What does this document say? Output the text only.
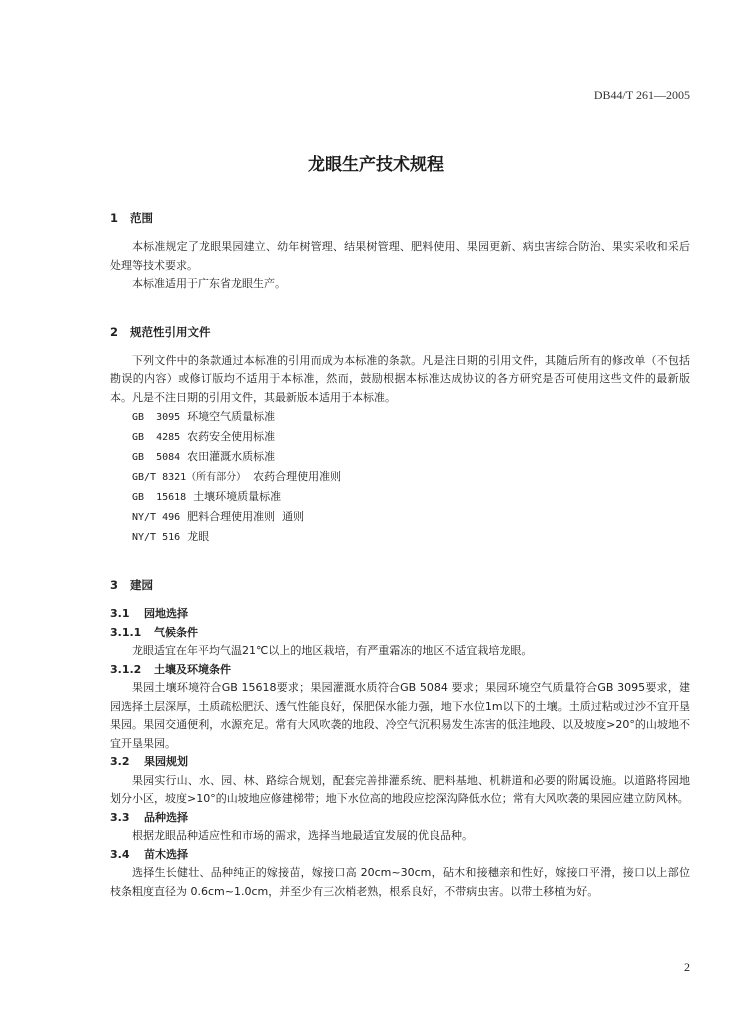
DB44/T 261—2005
龙眼生产技术规程
1 范围

本标准规定了龙眼果园建立、幼年树管理、结果树管理、肥料使用、果园更新、病虫害综合防治、果实采收和采后处理等技术要求。

本标准适用于广东省龙眼生产。

2 规范性引用文件

下列文件中的条款通过本标准的引用而成为本标准的条款。凡是注日期的引用文件，其随后所有的修改单（不包括勘误的内容）或修订版均不适用于本标准，然而，鼓励根据本标准达成协议的各方研究是否可使用这些文件的最新版本。凡是不注日期的引用文件，其最新版本适用于本标准。

GB  3095 环境空气质量标准
GB  4285 农药安全使用标准
GB  5084 农田灌溉水质标准
GB/T 8321（所有部分） 农药合理使用准则
GB  15618 土壤环境质量标准
NY/T 496 肥料合理使用准则  通则
NY/T 516 龙眼
3 建园
3.1 园地选择
3.1.1 气候条件

龙眼适宜在年平均气温21℃以上的地区栽培，有严重霜冻的地区不适宜栽培龙眼。

3.1.2 土壤及环境条件

果园土壤环境符合GB 15618要求；果园灌溉水质符合GB 5084 要求；果园环境空气质量符合GB 3095要求，建园选择土层深厚，土质疏松肥沃、透气性能良好，保肥保水能力强，地下水位1m以下的土壤。土质过粘或过沙不宜开垦果园。果园交通便利，水源充足。常有大风吹袭的地段、冷空气沉积易发生冻害的低洼地段、以及坡度>20°的山坡地不宜开垦果园。

3.2 果园规划

果园实行山、水、园、林、路综合规划，配套完善排灌系统、肥料基地、机耕道和必要的附属设施。以道路将园地划分小区，坡度>10°的山坡地应修建梯带；地下水位高的地段应挖深沟降低水位；常有大风吹袭的果园应建立防风林。

3.3 品种选择

根据龙眼品种适应性和市场的需求，选择当地最适宜发展的优良品种。

3.4 苗木选择

选择生长健壮、品种纯正的嫁接苗，嫁接口高 20cm~30cm，砧木和接穗亲和性好，嫁接口平滑，接口以上部位枝条粗度直径为 0.6cm~1.0cm，并至少有三次梢老熟，根系良好，不带病虫害。以带土移植为好。

2
